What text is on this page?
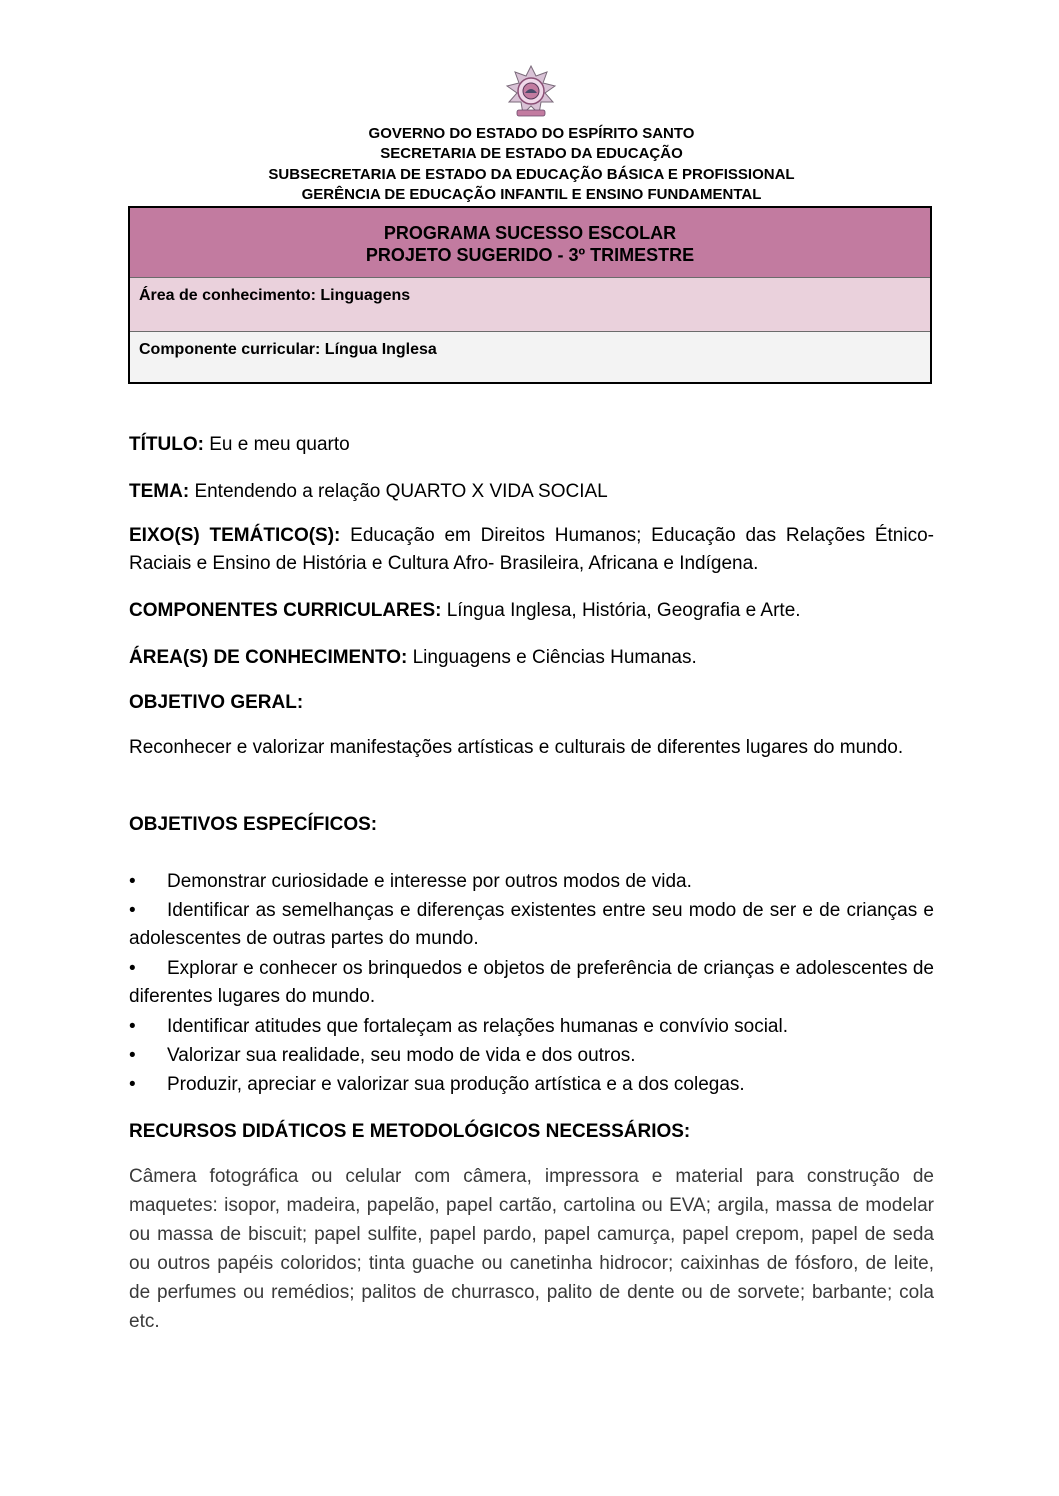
GOVERNO DO ESTADO DO ESPÍRITO SANTO
SECRETARIA DE ESTADO DA EDUCAÇÃO
SUBSECRETARIA DE ESTADO DA EDUCAÇÃO BÁSICA E PROFISSIONAL
GERÊNCIA DE EDUCAÇÃO INFANTIL E ENSINO FUNDAMENTAL
PROGRAMA SUCESSO ESCOLAR
PROJETO SUGERIDO - 3º TRIMESTRE
Área de conhecimento: Linguagens
Componente curricular: Língua Inglesa
TÍTULO: Eu e meu quarto
TEMA: Entendendo a relação QUARTO X VIDA SOCIAL
EIXO(S) TEMÁTICO(S): Educação em Direitos Humanos; Educação das Relações Étnico- Raciais e Ensino de História e Cultura Afro- Brasileira, Africana e Indígena.
COMPONENTES CURRICULARES: Língua Inglesa, História, Geografia e Arte.
ÁREA(S) DE CONHECIMENTO: Linguagens e Ciências Humanas.
OBJETIVO GERAL:
Reconhecer e valorizar manifestações artísticas e culturais de diferentes lugares do mundo.
OBJETIVOS ESPECÍFICOS:
•Demonstrar curiosidade e interesse por outros modos de vida.
•Identificar as semelhanças e diferenças existentes entre seu modo de ser e de crianças e adolescentes de outras partes do mundo.
•Explorar e conhecer os brinquedos e objetos de preferência de crianças e adolescentes de diferentes lugares do mundo.
•Identificar atitudes que fortaleçam as relações humanas e convívio social.
•Valorizar sua realidade, seu modo de vida e dos outros.
•Produzir, apreciar e valorizar sua produção artística e a dos colegas.
RECURSOS DIDÁTICOS E METODOLÓGICOS NECESSÁRIOS:
Câmera fotográfica ou celular com câmera, impressora e material para construção de maquetes: isopor, madeira, papelão, papel cartão, cartolina ou EVA; argila, massa de modelar ou massa de biscuit; papel sulfite, papel pardo, papel camurça, papel crepom, papel de seda ou outros papéis coloridos; tinta guache ou canetinha hidrocor; caixinhas de fósforo, de leite, de perfumes ou remédios; palitos de churrasco, palito de dente ou de sorvete; barbante; cola etc.
